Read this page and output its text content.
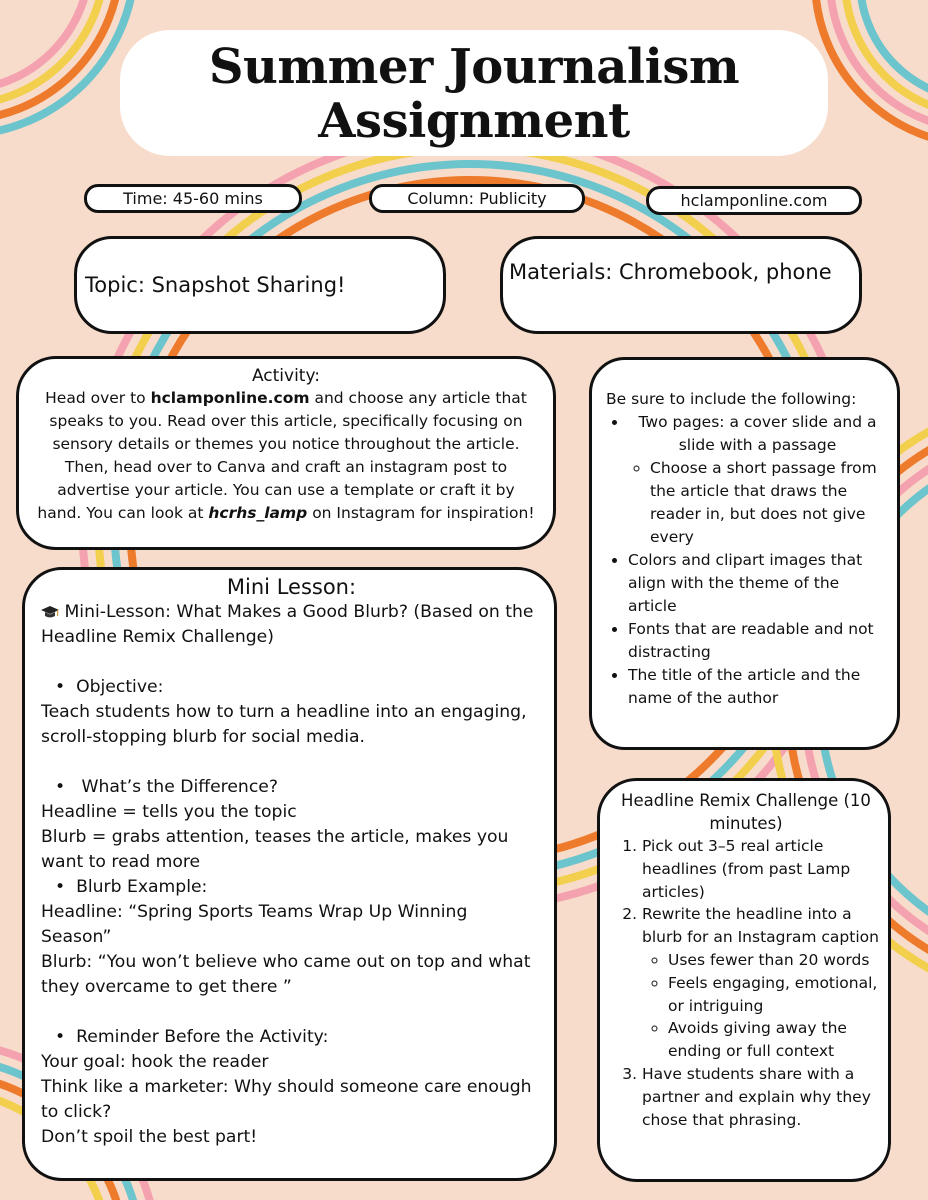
Summer Journalism
Assignment
Time: 45-60 mins	Column: Publicity	hclamponline.com
Topic: Snapshot Sharing!
Materials: Chromebook, phone
Activity:
Head over to hclamponline.com and choose any article that speaks to you. Read over this article, specifically focusing on sensory details or themes you notice throughout the article. Then, head over to Canva and craft an instagram post to advertise your article. You can use a template or craft it by hand. You can look at hcrhs_lamp on Instagram for inspiration!
Be sure to include the following:
• Two pages: a cover slide and a slide with a passage
◦ Choose a short passage from the article that draws the reader in, but does not give every
• Colors and clipart images that align with the theme of the article
• Fonts that are readable and not distracting
• The title of the article and the name of the author
Mini Lesson:
Mini-Lesson: What Makes a Good Blurb? (Based on the Headline Remix Challenge)
•  Objective:
Teach students how to turn a headline into an engaging, scroll-stopping blurb for social media.
•   What’s the Difference?
Headline = tells you the topic
Blurb = grabs attention, teases the article, makes you want to read more
•  Blurb Example:
Headline: “Spring Sports Teams Wrap Up Winning Season”
Blurb: “You won’t believe who came out on top and what they overcame to get there ”
•  Reminder Before the Activity:
Your goal: hook the reader
Think like a marketer: Why should someone care enough to click?
Don’t spoil the best part!
Headline Remix Challenge (10 minutes)
1. Pick out 3–5 real article headlines (from past Lamp articles)
2. Rewrite the headline into a blurb for an Instagram caption
◦ Uses fewer than 20 words
◦ Feels engaging, emotional, or intriguing
◦ Avoids giving away the ending or full context
3. Have students share with a partner and explain why they chose that phrasing.
